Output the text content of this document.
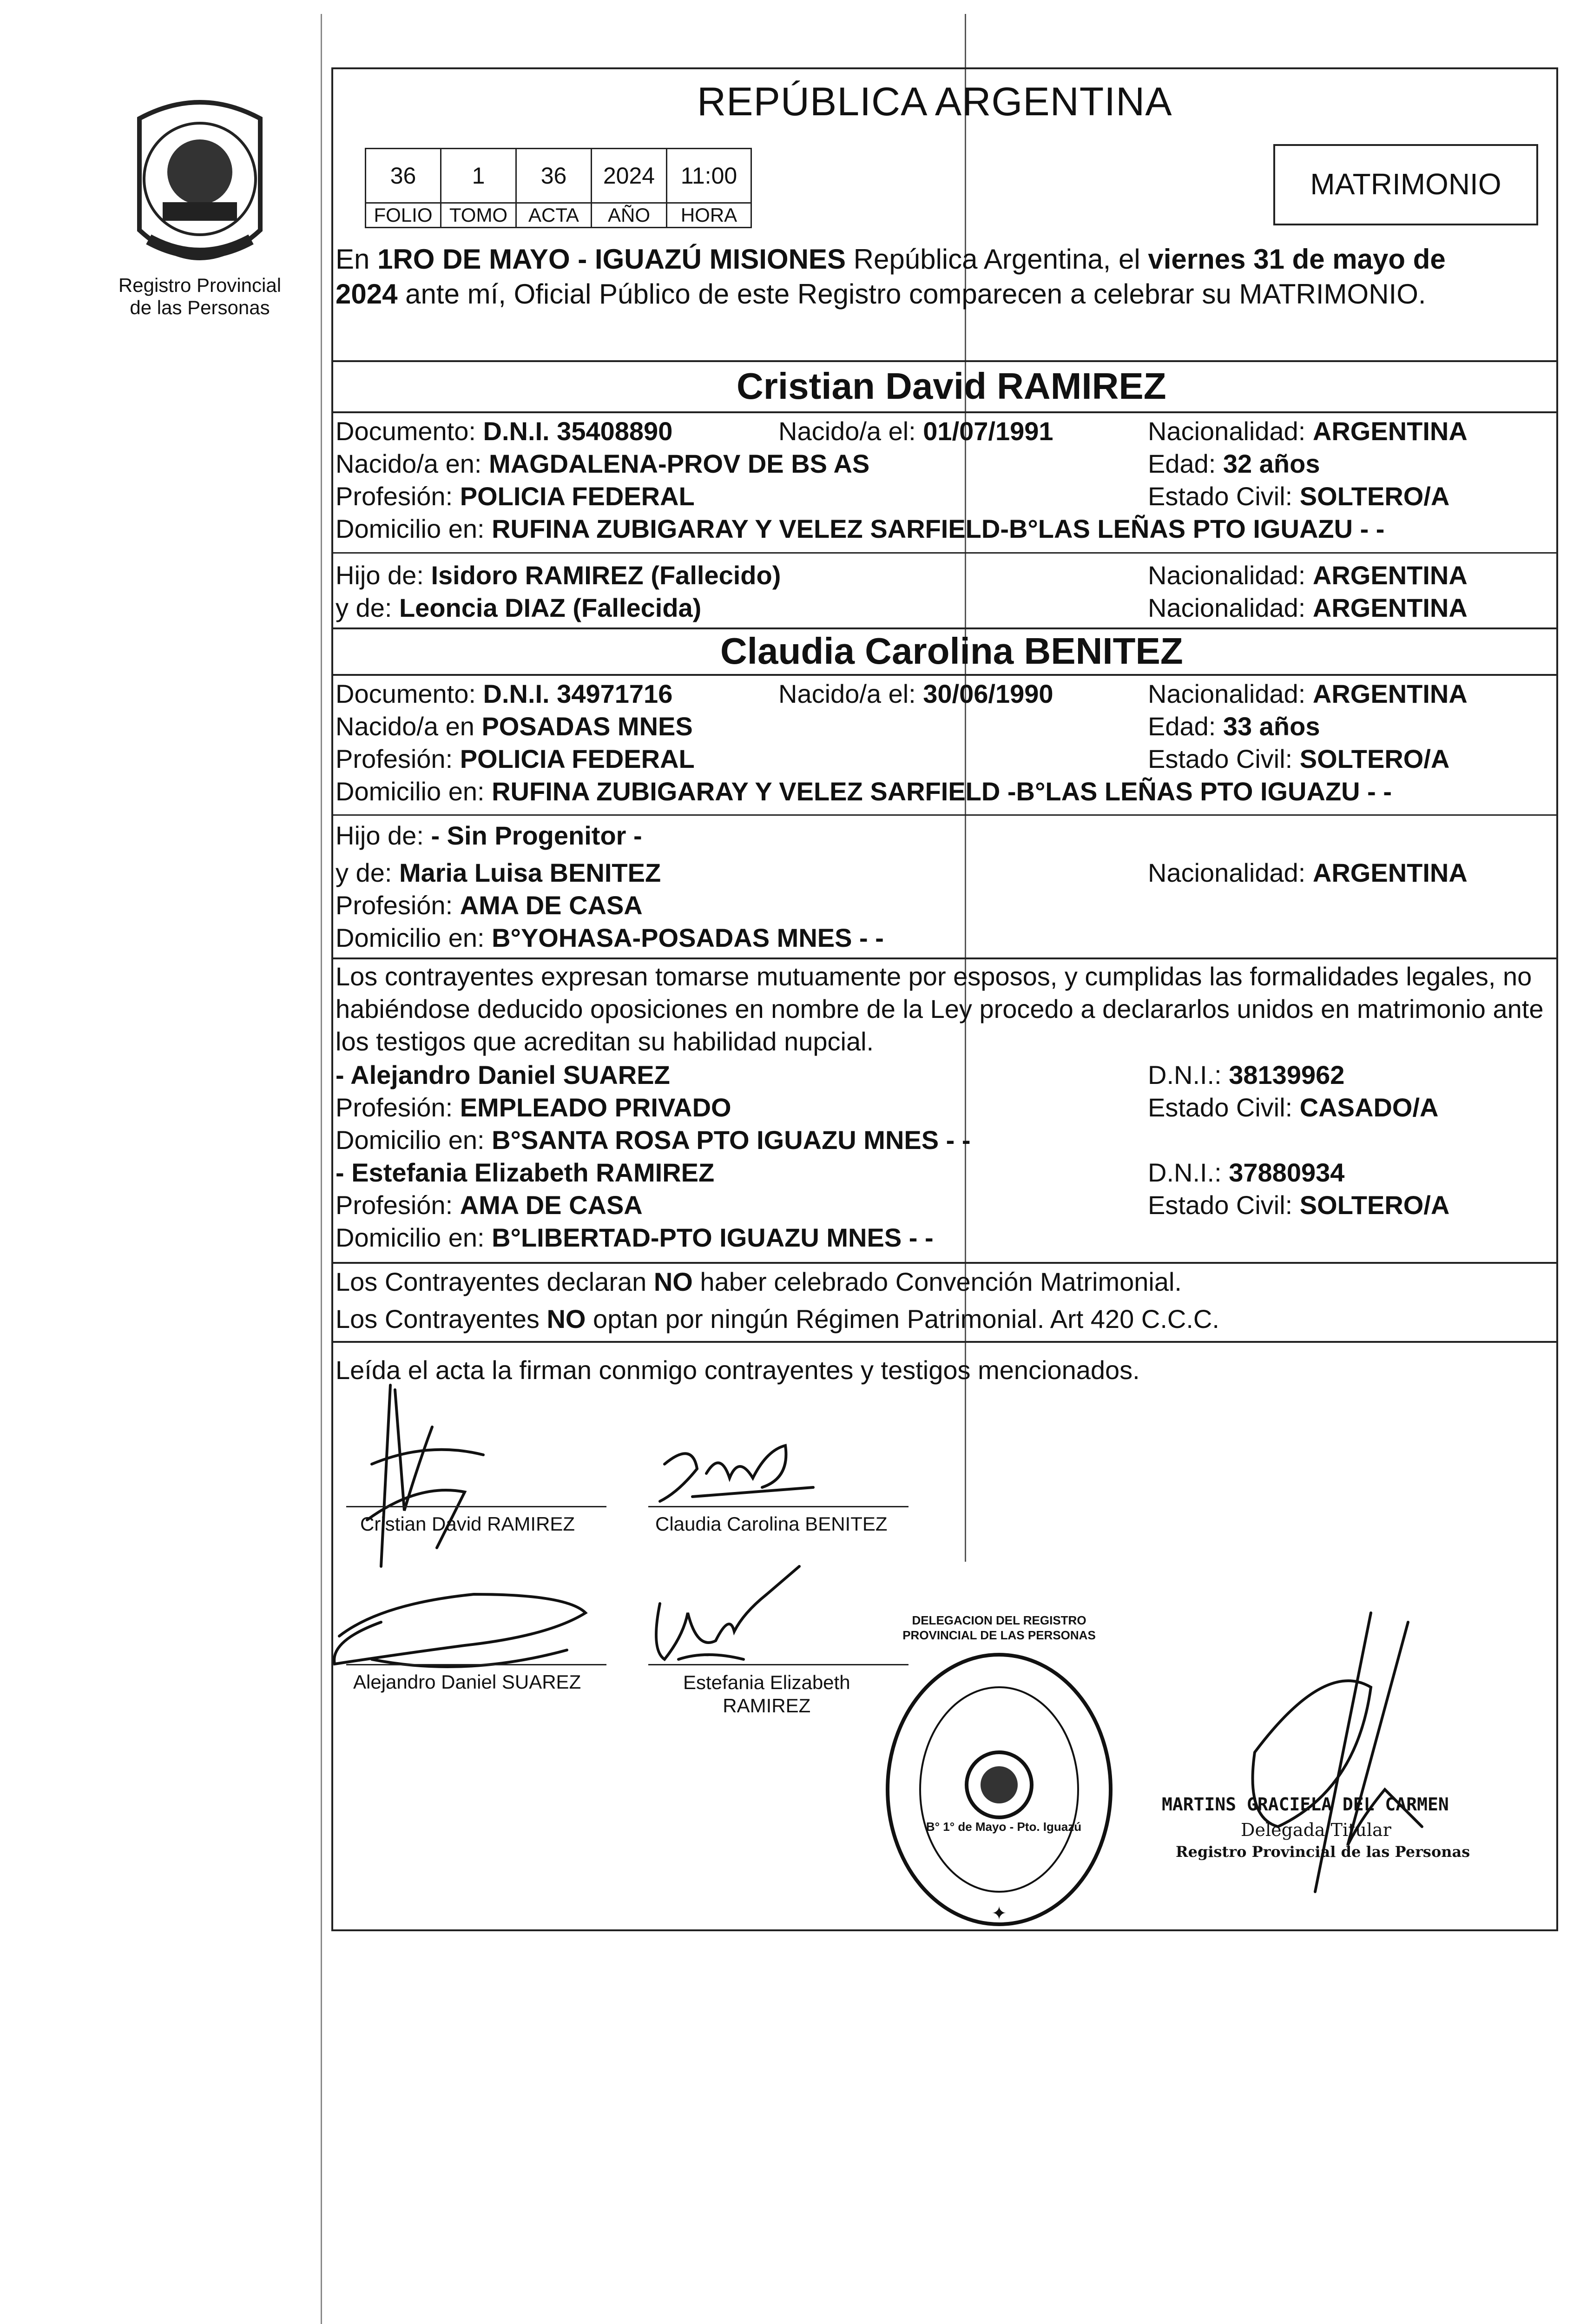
Registro Provincial
de las Personas
REPÚBLICA ARGENTINA
36	1	36	2024	11:00
FOLIO TOMO	ACTA	AÑO	HORA
MATRIMONIO
En 1RO DE MAYO - IGUAZÚ MISIONES República Argentina, el viernes 31 de mayo de
2024 ante mí, Oficial Público de este Registro comparecen a celebrar su MATRIMONIO.
Cristian David RAMIREZ
Documento: D.N.I. 35408890	Nacido/a el: 01/07/1991	Nacionalidad: ARGENTINA
Nacido/a en: MAGDALENA-PROV DE BS AS	Edad: 32 años
Profesión: POLICIA FEDERAL	Estado Civil: SOLTERO/A
Domicilio en: RUFINA ZUBIGARAY Y VELEZ SARFIELD-B°LAS LEÑAS PTO IGUAZU - -
Hijo de: Isidoro RAMIREZ (Fallecido)	Nacionalidad: ARGENTINA
y de: Leoncia DIAZ (Fallecida)	Nacionalidad: ARGENTINA
Claudia Carolina BENITEZ
Documento: D.N.I. 34971716	Nacido/a el: 30/06/1990	Nacionalidad: ARGENTINA
Nacido/a en POSADAS MNES	Edad: 33 años
Profesión: POLICIA FEDERAL	Estado Civil: SOLTERO/A
Domicilio en: RUFINA ZUBIGARAY Y VELEZ SARFIELD -B°LAS LEÑAS PTO IGUAZU - -
Hijo de: - Sin Progenitor -
y de: Maria Luisa BENITEZ	Nacionalidad: ARGENTINA
Profesión: AMA DE CASA
Domicilio en: B°YOHASA-POSADAS MNES - -
Los contrayentes expresan tomarse mutuamente por esposos, y cumplidas las formalidades legales, no
habiéndose deducido oposiciones en nombre de la Ley procedo a declararlos unidos en matrimonio ante
los testigos que acreditan su habilidad nupcial.
- Alejandro Daniel SUAREZ	D.N.I.: 38139962
Profesión: EMPLEADO PRIVADO	Estado Civil: CASADO/A
Domicilio en: B°SANTA ROSA PTO IGUAZU MNES - -
- Estefania Elizabeth RAMIREZ	D.N.I.: 37880934
Profesión: AMA DE CASA	Estado Civil: SOLTERO/A
Domicilio en: B°LIBERTAD-PTO IGUAZU MNES - -
Los Contrayentes declaran NO haber celebrado Convención Matrimonial.
Los Contrayentes NO optan por ningún Régimen Patrimonial. Art 420 C.C.C.
Leída el acta la firman conmigo contrayentes y testigos mencionados.
Cristian David RAMIREZ	Claudia Carolina BENITEZ
Alejandro Daniel SUAREZ	Estefania Elizabeth
RAMIREZ
✦
DELEGACION DEL REGISTRO PROVINCIAL DE LAS PERSONAS
B° 1° de Mayo - Pto. Iguazú
MARTINS GRACIELA DEL CARMEN
Delegada Titular
Registro Provincial de las Personas
